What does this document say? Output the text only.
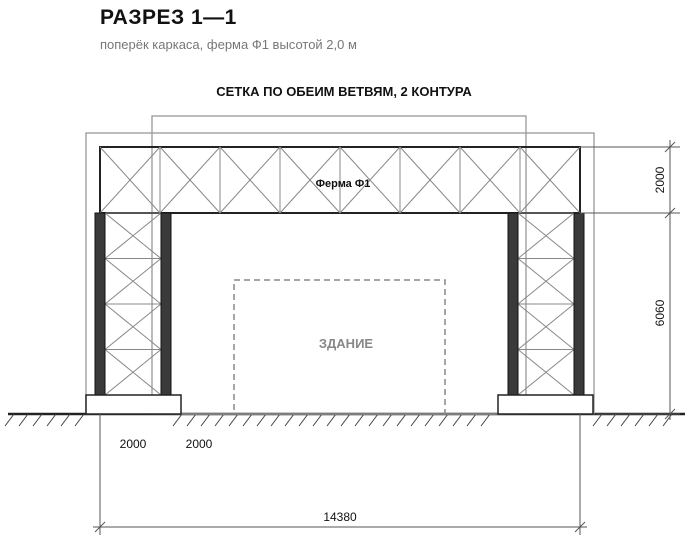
РАЗРЕЗ 1—1
поперёк каркаса, ферма Ф1 высотой 2,0 м
СЕТКА ПО ОБЕИМ ВЕТВЯМ, 2 КОНТУРА
Ферма Ф1
ЗДАНИЕ
2000
6060
2000	2000
14380
